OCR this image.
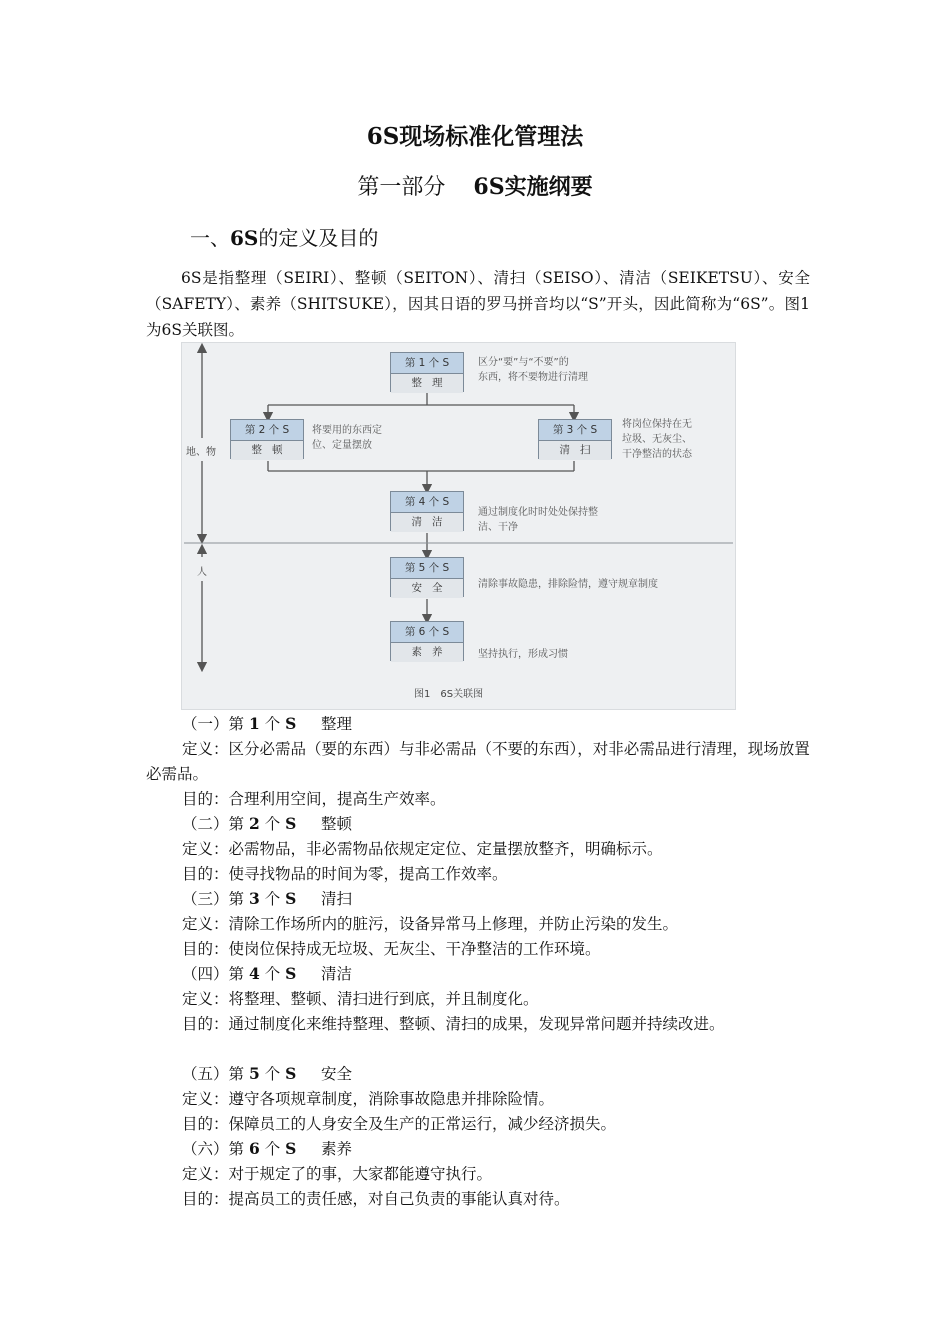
6S现场标准化管理法
第一部分 6S实施纲要
一、6S的定义及目的
6S是指整理（SEIRI）、整顿（SEITON）、清扫（SEISO）、清洁（SEIKETSU）、安全（SAFETY）、素养（SHITSUKE），因其日语的罗马拼音均以“S”开头，因此简称为“6S”。图1为6S关联图。
地、物
人
第 1 个 S
整理
区分“要”与“不要”的
东西，将不要物进行清理
第 2 个 S
整顿
将要用的东西定
位、定量摆放
第 3 个 S
清扫
将岗位保持在无
垃圾、无灰尘、
干净整洁的状态
第 4 个 S
清洁
通过制度化时时处处保持整
洁、干净
第 5 个 S
安全	清除事故隐患，排除险情，遵守规章制度
第 6 个 S
素养	坚持执行，形成习惯
图1　6S关联图
（一）第 1 个 S 整理
定义：区分必需品（要的东西）与非必需品（不要的东西），对非必需品进行清理，现场放置必需品。
目的：合理利用空间，提高生产效率。
（二）第 2 个 S 整顿
定义：必需物品，非必需物品依规定定位、定量摆放整齐，明确标示。
目的：使寻找物品的时间为零，提高工作效率。
（三）第 3 个 S 清扫
定义：清除工作场所内的脏污，设备异常马上修理，并防止污染的发生。
目的：使岗位保持成无垃圾、无灰尘、干净整洁的工作环境。
（四）第 4 个 S 清洁
定义：将整理、整顿、清扫进行到底，并且制度化。
目的：通过制度化来维持整理、整顿、清扫的成果，发现异常问题并持续改进。
（五）第 5 个 S 安全
定义：遵守各项规章制度，消除事故隐患并排除险情。
目的：保障员工的人身安全及生产的正常运行，减少经济损失。
（六）第 6 个 S 素养
定义：对于规定了的事，大家都能遵守执行。
目的：提高员工的责任感，对自己负责的事能认真对待。
